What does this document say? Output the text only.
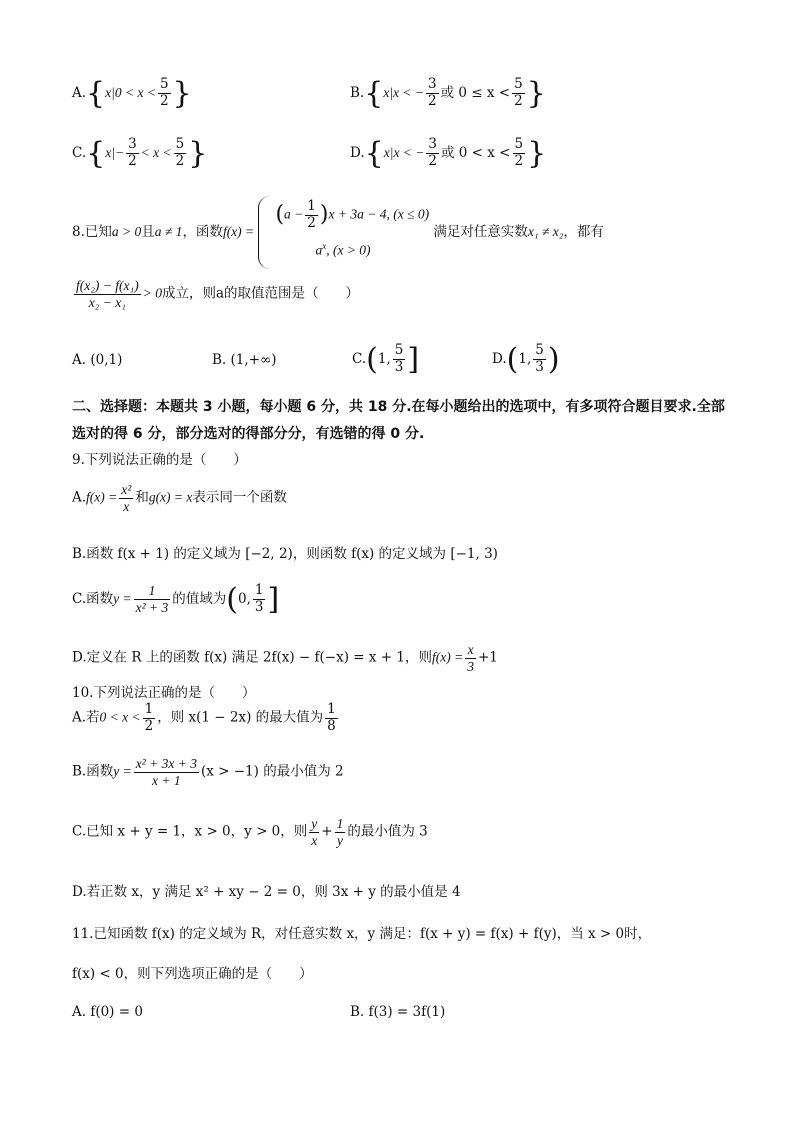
$A.\{x|0 < x < \frac{5}{2}$ }	B.{x|x < − $\frac{3}{2}$ 或 $0 \le x < \frac{5}{2}$ }
$C.\{x|- \frac{3}{2} < x < \frac{5}{2}$ }	D.{x|x < − $\frac{3}{2}$ 或 $0 < x < \frac{5}{2}$ }
8.已知a > 0且a ≠ 1，函数f(x) =
$(a - \frac{1}{2} )x + 3a - 4$, (x ≤ 0)
$a^x$, (x > 0)
满足对任意实数x₁ ≠ x₂，都有
$\frac{\text{f(x₂) − f(x₁)}}{\text{x₂ − x₁}} > 0$成立，则a的取值范围是（　　）
A. (0,1)	B. (1,+∞)	C.(1, $\frac{5}{3}$ ]	D.(1, $\frac{5}{3}$ )
二、选择题：本题共 3 小题，每小题 6 分，共 18 分.在每小题给出的选项中，有多项符合题目要求.全部选对的得 6 分，部分选对的得部分分，有选错的得 0 分.
9.下列说法正确的是（　　）
$A.f(x) = \frac{\text{x²}}{x}$ 和g(x) = x表示同一个函数
B.函数 f(x + 1) 的定义域为 [−2, 2)，则函数 f(x) 的定义域为 [−1, 3)
C.函数$y = \frac{1}{\text{x² + 3}}$ 的值域为(0, $\frac{1}{3}$ ]
D.定义在 R 上的函数 f(x) 满足 2f(x) − f(−x) = x + 1，则$f(x) = \frac{x}{3} +1$
10.下列说法正确的是（　　）
A.若$0 < x < \frac{1}{2}$ ，则 x(1 − 2x) 的最大值为 $\frac{1}{8}$
B.函数$y = \frac{\text{x² + 3x + 3}}{x + 1} (x > -1)$ 的最小值为 2
C.已知 x + y = 1，x > 0，y > 0，则 $\frac{y}{x} + \frac{1}{y}$ 的最小值为 3
D.若正数 x，y 满足 x² + xy − 2 = 0，则 3x + y 的最小值是 4
11.已知函数 f(x) 的定义域为 R，对任意实数 x，y 满足：f(x + y) = f(x) + f(y)，当 x > 0时，
f(x) < 0，则下列选项正确的是（　　）
A. f(0) = 0	B. f(3) = 3f(1)
